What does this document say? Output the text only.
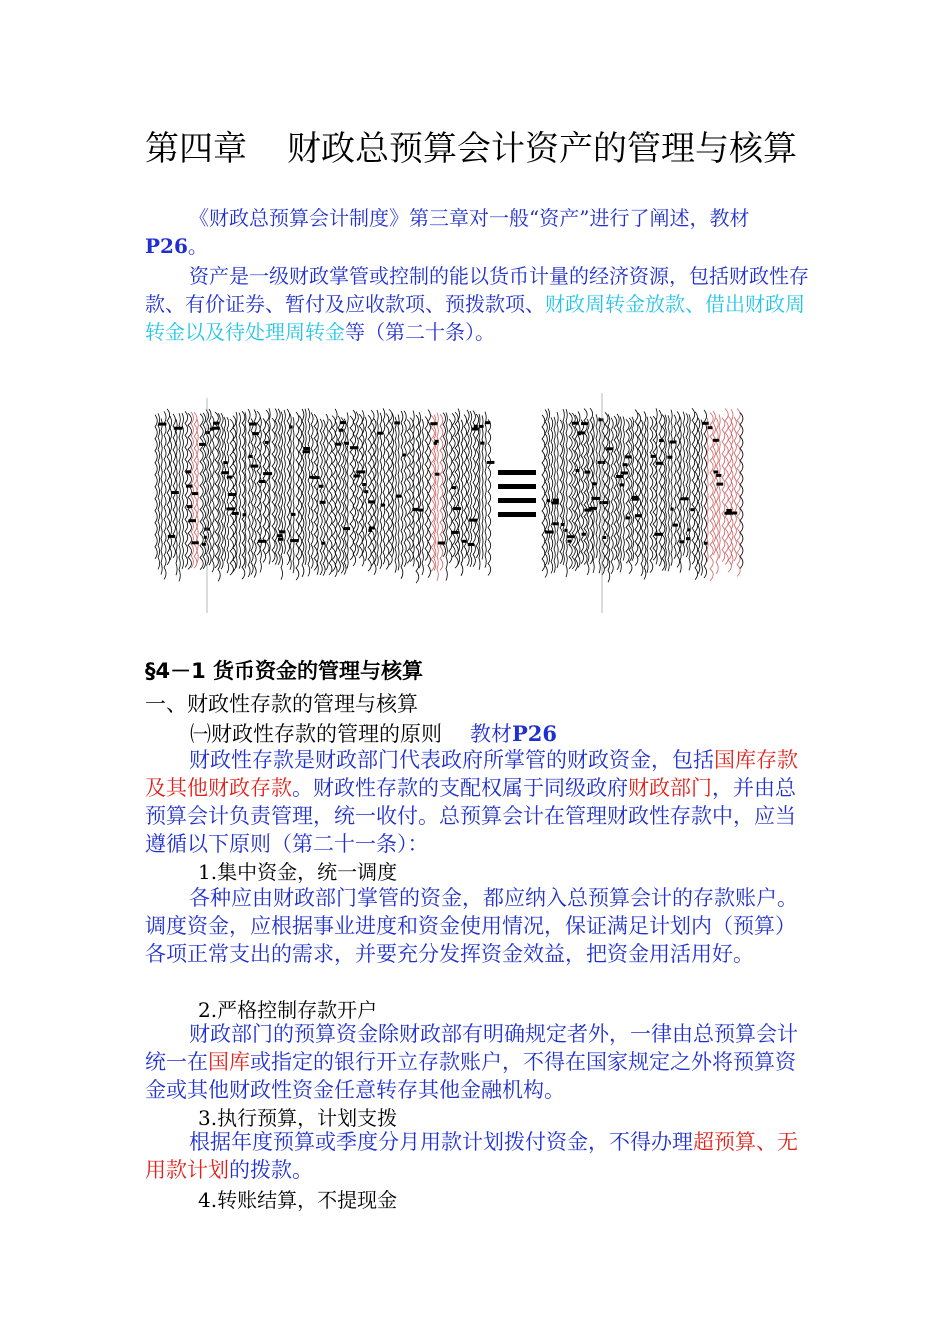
第四章 财政总预算会计资产的管理与核算
《财政总预算会计制度》第三章对一般“资产”进行了阐述，教材P26。
资产是一级财政掌管或控制的能以货币计量的经济资源，包括财政性存款、有价证券、暂付及应收款项、预拨款项、财政周转金放款、借出财政周转金以及待处理周转金等（第二十条）。
§4－1 货币资金的管理与核算
一、财政性存款的管理与核算
㈠财政性存款的管理的原则 教材P26
财政性存款是财政部门代表政府所掌管的财政资金，包括国库存款及其他财政存款。财政性存款的支配权属于同级政府财政部门，并由总预算会计负责管理，统一收付。总预算会计在管理财政性存款中，应当遵循以下原则（第二十一条）：
1.集中资金，统一调度
各种应由财政部门掌管的资金，都应纳入总预算会计的存款账户。调度资金，应根据事业进度和资金使用情况，保证满足计划内（预算）各项正常支出的需求，并要充分发挥资金效益，把资金用活用好。
2.严格控制存款开户
财政部门的预算资金除财政部有明确规定者外，一律由总预算会计统一在国库或指定的银行开立存款账户，不得在国家规定之外将预算资金或其他财政性资金任意转存其他金融机构。
3.执行预算，计划支拨
根据年度预算或季度分月用款计划拨付资金，不得办理超预算、无用款计划的拨款。
4.转账结算，不提现金
